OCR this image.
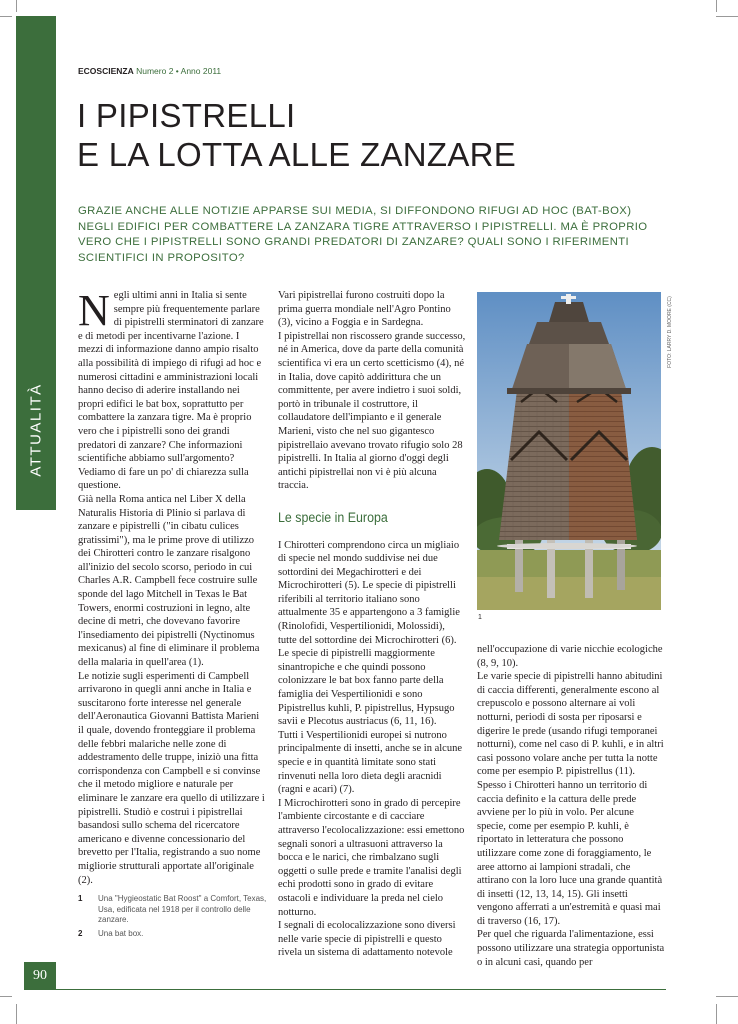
ATTUALITÀ
90
ECOSCIENZA Numero 2 • Anno 2011
I PIPISTRELLI
E LA LOTTA ALLE ZANZARE

GRAZIE ANCHE ALLE NOTIZIE APPARSE SUI MEDIA, SI DIFFONDONO RIFUGI AD HOC (BAT-BOX) NEGLI EDIFICI PER COMBATTERE LA ZANZARA TIGRE ATTRAVERSO I PIPISTRELLI. MA È PROPRIO VERO CHE I PIPISTRELLI SONO GRANDI PREDATORI DI ZANZARE? QUALI SONO I RIFERIMENTI SCIENTIFICI IN PROPOSITO?

Negli ultimi anni in Italia si sente sempre più frequentemente parlare di pipistrelli sterminatori di zanzare e di metodi per incentivarne l'azione. I mezzi di informazione danno ampio risalto alla possibilità di impiego di rifugi ad hoc e numerosi cittadini e amministrazioni locali hanno deciso di aderire installando nei propri edifici le bat box, soprattutto per combattere la zanzara tigre. Ma è proprio vero che i pipistrelli sono dei grandi predatori di zanzare? Che informazioni scientifiche abbiamo sull'argomento? Vediamo di fare un po' di chiarezza sulla questione.

Già nella Roma antica nel Liber X della Naturalis Historia di Plinio si parlava di zanzare e pipistrelli ("in cibatu culices gratissimi"), ma le prime prove di utilizzo dei Chirotteri contro le zanzare risalgono all'inizio del secolo scorso, periodo in cui Charles A.R. Campbell fece costruire sulle sponde del lago Mitchell in Texas le Bat Towers, enormi costruzioni in legno, alte decine di metri, che dovevano favorire l'insediamento dei pipistrelli (Nyctinomus mexicanus) al fine di eliminare il problema della malaria in quell'area (1).

Le notizie sugli esperimenti di Campbell arrivarono in quegli anni anche in Italia e suscitarono forte interesse nel generale dell'Aeronautica Giovanni Battista Marieni il quale, dovendo fronteggiare il problema delle febbri malariche nelle zone di addestramento delle truppe, iniziò una fitta corrispondenza con Campbell e si convinse che il metodo migliore e naturale per eliminare le zanzare era quello di utilizzare i pipistrelli. Studiò e costruì i pipistrellai basandosi sullo schema del ricercatore americano e divenne concessionario del brevetto per l'Italia, registrando a suo nome migliorie strutturali apportate all'originale (2).

Vari pipistrellai furono costruiti dopo la prima guerra mondiale nell'Agro Pontino (3), vicino a Foggia e in Sardegna.

I pipistrellai non riscossero grande successo, né in America, dove da parte della comunità scientifica vi era un certo scetticismo (4), né in Italia, dove capitò addirittura che un committente, per avere indietro i suoi soldi, portò in tribunale il costruttore, il collaudatore dell'impianto e il generale Marieni, visto che nel suo gigantesco pipistrellaio avevano trovato rifugio solo 28 pipistrelli. In Italia al giorno d'oggi degli antichi pipistrellai non vi è più alcuna traccia.

Le specie in Europa

I Chirotteri comprendono circa un migliaio di specie nel mondo suddivise nei due sottordini dei Megachirotteri e dei Microchirotteri (5). Le specie di pipistrelli riferibili al territorio italiano sono attualmente 35 e appartengono a 3 famiglie (Rinolofidi, Vespertilionidi, Molossidi), tutte del sottordine dei Microchirotteri (6). Le specie di pipistrelli maggiormente sinantropiche e che quindi possono colonizzare le bat box fanno parte della famiglia dei Vespertilionidi e sono Pipistrellus kuhli, P. pipistrellus, Hypsugo savii e Plecotus austriacus (6, 11, 16).

Tutti i Vespertilionidi europei si nutrono principalmente di insetti, anche se in alcune specie e in quantità limitate sono stati rinvenuti nella loro dieta degli aracnidi (ragni e acari) (7).

I Microchirotteri sono in grado di percepire l'ambiente circostante e di cacciare attraverso l'ecolocalizzazione: essi emettono segnali sonori a ultrasuoni attraverso la bocca e le narici, che rimbalzano sugli oggetti o sulle prede e tramite l'analisi degli echi prodotti sono in grado di evitare ostacoli e individuare la preda nel cielo notturno.

I segnali di ecolocalizzazione sono diversi nelle varie specie di pipistrelli e questo rivela un sistema di adattamento notevole

FOTO: LARRY D. MOORE (CC)
1

nell'occupazione di varie nicchie ecologiche (8, 9, 10).

Le varie specie di pipistrelli hanno abitudini di caccia differenti, generalmente escono al crepuscolo e possono alternare ai voli notturni, periodi di sosta per riposarsi e digerire le prede (usando rifugi temporanei notturni), come nel caso di P. kuhli, e in altri casi possono volare anche per tutta la notte come per esempio P. pipistrellus (11).

Spesso i Chirotteri hanno un territorio di caccia definito e la cattura delle prede avviene per lo più in volo. Per alcune specie, come per esempio P. kuhli, è riportato in letteratura che possono utilizzare come zone di foraggiamento, le aree attorno ai lampioni stradali, che attirano con la loro luce una grande quantità di insetti (12, 13, 14, 15). Gli insetti vengono afferrati a un'estremità e quasi mai di traverso (16, 17).

Per quel che riguarda l'alimentazione, essi possono utilizzare una strategia opportunista o in alcuni casi, quando per

1	Una "Hygieostatic Bat Roost" a Comfort, Texas, Usa, edificata nel 1918 per il controllo delle zanzare.
2	Una bat box.
